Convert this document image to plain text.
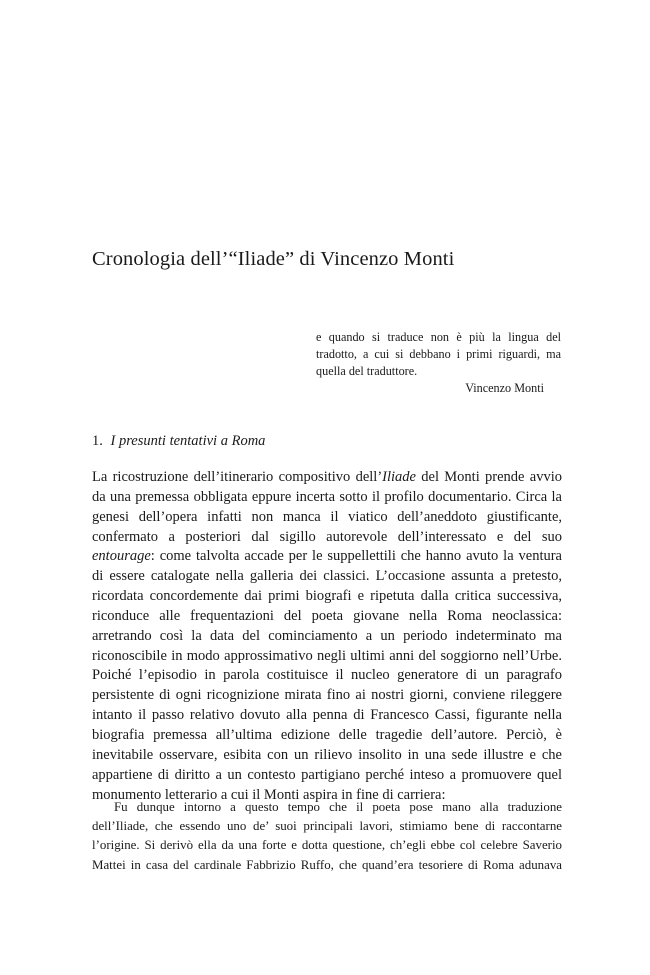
Cronologia dell’“Iliade” di Vincenzo Monti

e quando si traduce non è più la lingua del tradotto, a cui si debbano i primi riguardi, ma quella del traduttore.

Vincenzo Monti

1. I presunti tentativi a Roma

La ricostruzione dell’itinerario compositivo dell’Iliade del Monti prende avvio da una premessa obbligata eppure incerta sotto il profilo documentario. Circa la genesi dell’opera infatti non manca il viatico dell’aneddoto giustificante, confermato a posteriori dal sigillo autorevole dell’interessato e del suo entourage: come talvolta accade per le suppellettili che hanno avuto la ventura di essere catalogate nella galleria dei classici. L’occasione assunta a pretesto, ricordata concordemente dai primi biografi e ripetuta dalla critica successiva, riconduce alle frequentazioni del poeta giovane nella Roma neoclassica: arretrando così la data del cominciamento a un periodo indeterminato ma riconoscibile in modo approssimativo negli ultimi anni del soggiorno nell’Urbe. Poiché l’episodio in parola costituisce il nucleo generatore di un paragrafo persistente di ogni ricognizione mirata fino ai nostri giorni, conviene rileggere intanto il passo relativo dovuto alla penna di Francesco Cassi, figurante nella biografia premessa all’ultima edizione delle tragedie dell’autore. Perciò, è inevitabile osservare, esibita con un rilievo insolito in una sede illustre e che appartiene di diritto a un contesto partigiano perché inteso a promuovere quel monumento letterario a cui il Monti aspira in fine di carriera:

Fu dunque intorno a questo tempo che il poeta pose mano alla traduzione
dell’Iliade, che essendo uno de’ suoi principali lavori, stimiamo bene di raccontarne
l’origine. Si derivò ella da una forte e dotta questione, ch’egli ebbe col celebre Saverio
Mattei in casa del cardinale Fabbrizio Ruffo, che quand’era tesoriere di Roma adunava
